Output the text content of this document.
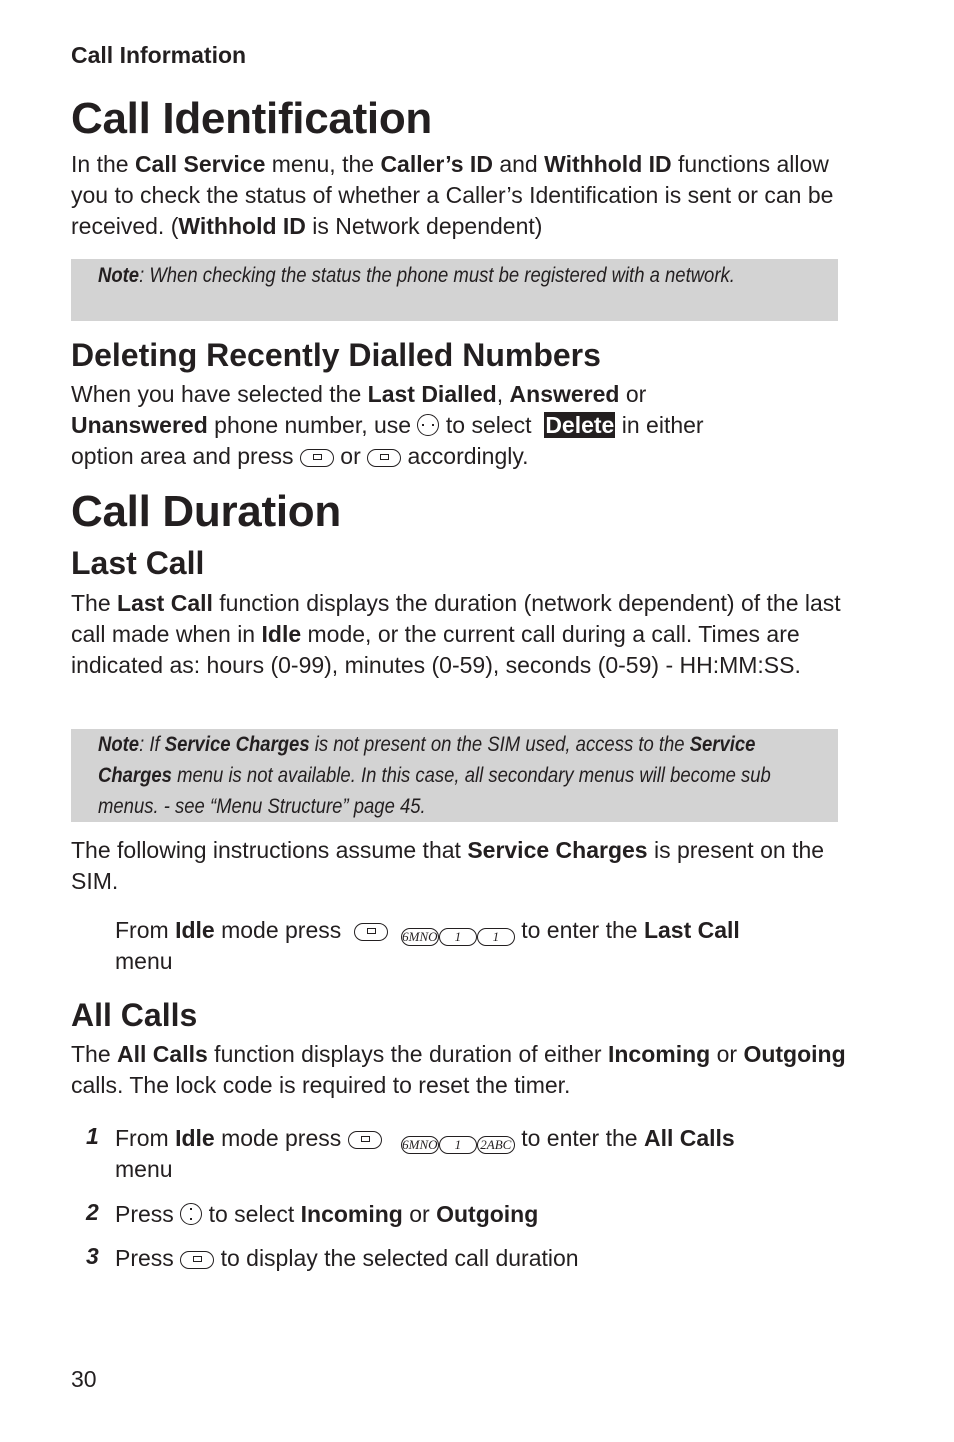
Call Information
Call Identification

In the Call Service menu, the Caller’s ID and Withhold ID functions allow you to check the status of whether a Caller’s Identification is sent or can be received. (Withhold ID is Network dependent)

Note: When checking the status the phone must be registered with a network.

Deleting Recently Dialled Numbers

When you have selected the Last Dialled, Answered or

Unanswered phone number, use  to select  Delete in either

option area and press  or  accordingly.

Call Duration
Last Call

The Last Call function displays the duration (network dependent) of the last call made when in Idle mode, or the current call during a call. Times are indicated as: hours (0-99), minutes (0-59), seconds (0-59) - HH:MM:SS.

Note: If Service Charges is not present on the SIM used, access to the Service Charges menu is not available. In this case, all secondary menus will become sub menus. - see “Menu Structure” page 45.

The following instructions assume that Service Charges is present on the SIM.

From Idle mode press	6MNO 1 1 to enter the Last Call

menu

All Calls

The All Calls function displays the duration of either Incoming or Outgoing calls. The lock code is required to reset the timer.

1 From Idle mode press	6MNO 1 2ABC to enter the All Calls

menu

2 Press  to select Incoming or Outgoing

3 Press  to display the selected call duration

30
